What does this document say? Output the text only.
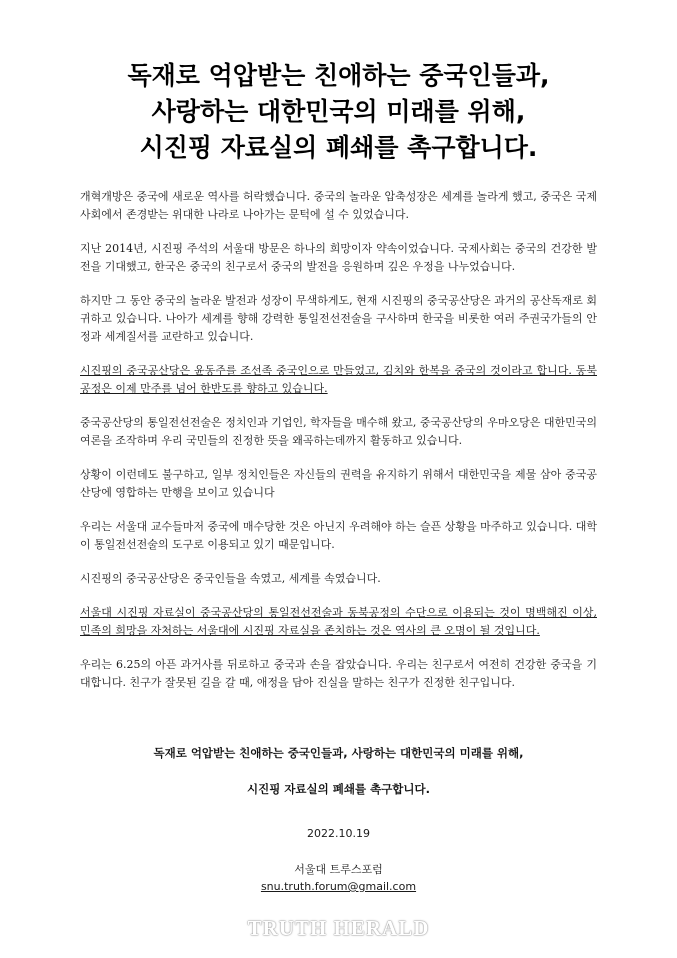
독재로 억압받는 친애하는 중국인들과,
사랑하는 대한민국의 미래를 위해,
시진핑 자료실의 폐쇄를 촉구합니다.

개혁개방은 중국에 새로운 역사를 허락했습니다. 중국의 놀라운 압축성장은 세계를 놀라게 했고, 중국은 국제사회에서 존경받는 위대한 나라로 나아가는 문턱에 설 수 있었습니다.

지난 2014년, 시진핑 주석의 서울대 방문은 하나의 희망이자 약속이었습니다. 국제사회는 중국의 건강한 발전을 기대했고, 한국은 중국의 친구로서 중국의 발전을 응원하며 깊은 우정을 나누었습니다.

하지만 그 동안 중국의 놀라운 발전과 성장이 무색하게도, 현재 시진핑의 중국공산당은 과거의 공산독재로 회귀하고 있습니다. 나아가 세계를 향해 강력한 통일전선전술을 구사하며 한국을 비롯한 여러 주권국가들의 안정과 세계질서를 교란하고 있습니다.

시진핑의 중국공산당은 윤동주를 조선족 중국인으로 만들었고, 김치와 한복을 중국의 것이라고 합니다. 동북공정은 이제 만주를 넘어 한반도를 향하고 있습니다.

중국공산당의 통일전선전술은 정치인과 기업인, 학자들을 매수해 왔고, 중국공산당의 우마오당은 대한민국의 여론을 조작하며 우리 국민들의 진정한 뜻을 왜곡하는데까지 활동하고 있습니다.

상황이 이런데도 불구하고, 일부 정치인들은 자신들의 권력을 유지하기 위해서 대한민국을 제물 삼아 중국공산당에 영합하는 만행을 보이고 있습니다

우리는 서울대 교수들마저 중국에 매수당한 것은 아닌지 우려해야 하는 슬픈 상황을 마주하고 있습니다. 대학이 통일전선전술의 도구로 이용되고 있기 때문입니다.

시진핑의 중국공산당은 중국인들을 속였고, 세계를 속였습니다.

서울대 시진핑 자료실이 중국공산당의 통일전선전술과 동북공정의 수단으로 이용되는 것이 명백해진 이상, 민족의 희망을 자처하는 서울대에 시진핑 자료실을 존치하는 것은 역사의 큰 오명이 될 것입니다.

우리는 6.25의 아픈 과거사를 뒤로하고 중국과 손을 잡았습니다. 우리는 친구로서 여전히 건강한 중국을 기대합니다. 친구가 잘못된 길을 갈 때, 애정을 담아 진실을 말하는 친구가 진정한 친구입니다.

독재로 억압받는 친애하는 중국인들과, 사랑하는 대한민국의 미래를 위해,
시진핑 자료실의 폐쇄를 촉구합니다.
2022.10.19
서울대 트루스포럼
snu.truth.forum@gmail.com
TRUTH HERALD
